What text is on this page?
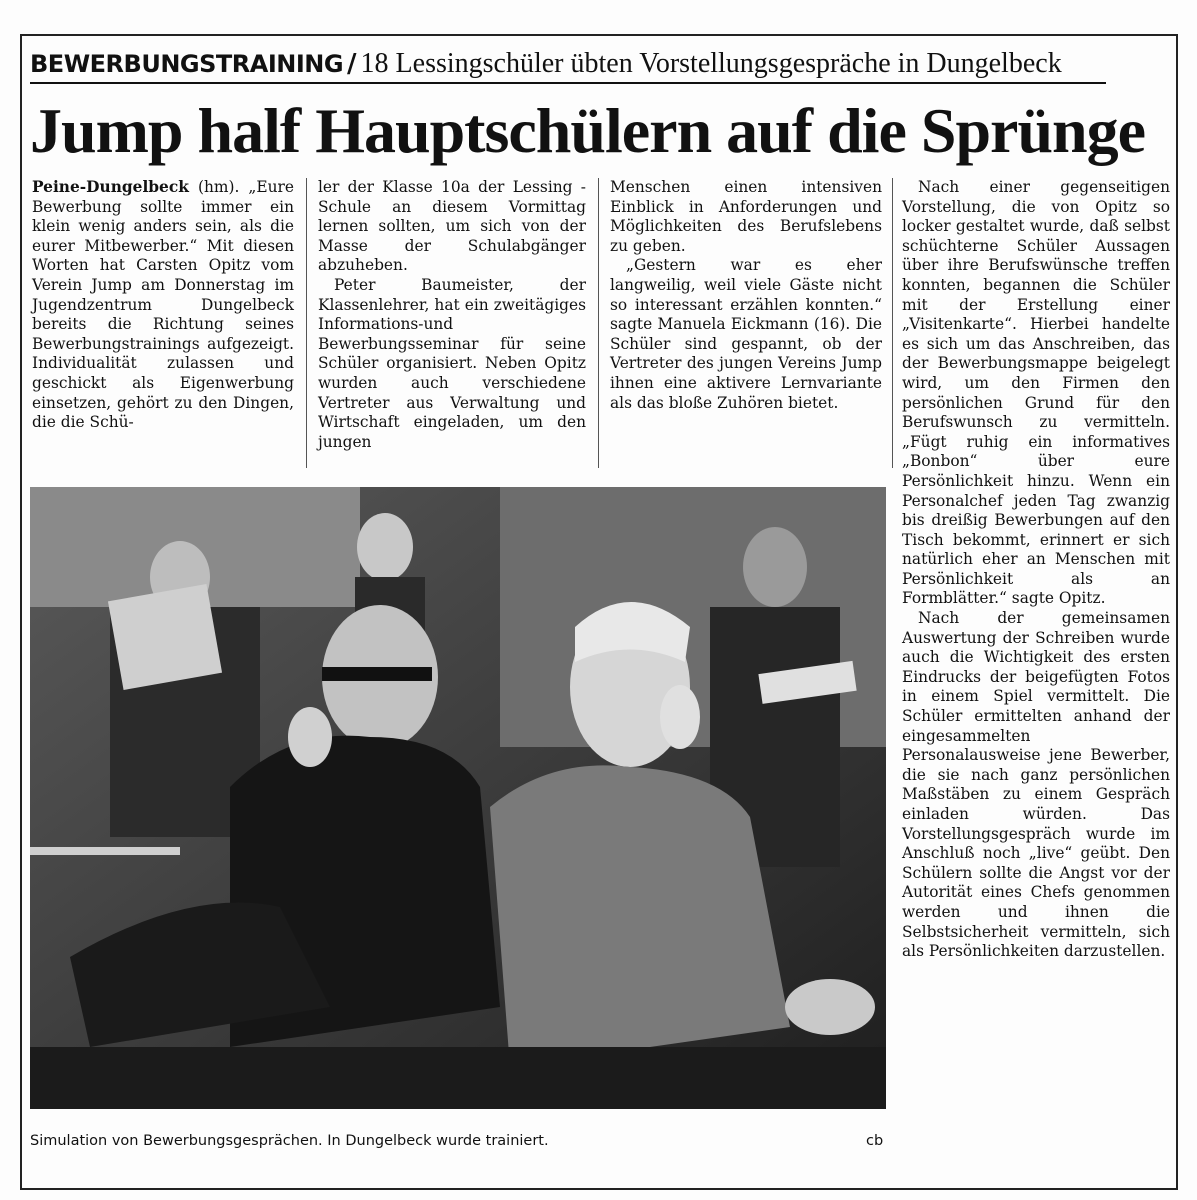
BEWERBUNGSTRAINING / 18 Lessingschüler übten Vorstellungsgespräche in Dungelbeck
Jump half Hauptschülern auf die Sprünge

Peine-Dungelbeck (hm). „Eure Bewerbung sollte immer ein klein wenig anders sein, als die eurer Mitbewerber.“ Mit diesen Worten hat Carsten Opitz vom Verein Jump am Donnerstag im Jugendzentrum Dungelbeck bereits die Richtung seines Bewerbungstrainings aufgezeigt. Individualität zulassen und geschickt als Eigenwerbung einsetzen, gehört zu den Dingen, die die Schü-

ler der Klasse 10a der Lessing -Schule an diesem Vormittag lernen sollten, um sich von der Masse der Schulabgänger abzuheben.

Peter Baumeister, der Klassenlehrer, hat ein zweitägiges Informations-und Bewerbungsseminar für seine Schüler organisiert. Neben Opitz wurden auch verschiedene Vertreter aus Verwaltung und Wirtschaft eingeladen, um den jungen

Menschen einen intensiven Einblick in Anforderungen und Möglichkeiten des Berufslebens zu geben.

„Gestern war es eher langweilig, weil viele Gäste nicht so interessant erzählen konnten.“ sagte Manuela Eickmann (16). Die Schüler sind gespannt, ob der Vertreter des jungen Vereins Jump ihnen eine aktivere Lernvariante als das bloße Zuhören bietet.

Nach einer gegenseitigen Vorstellung, die von Opitz so locker gestaltet wurde, daß selbst schüchterne Schüler Aussagen über ihre Berufswünsche treffen konnten, begannen die Schüler mit der Erstellung einer „Visitenkarte“. Hierbei handelte es sich um das Anschreiben, das der Bewerbungsmappe beigelegt wird, um den Firmen den persönlichen Grund für den Berufswunsch zu vermitteln. „Fügt ruhig ein informatives „Bonbon“ über eure Persönlichkeit hinzu. Wenn ein Personalchef jeden Tag zwanzig bis dreißig Bewerbungen auf den Tisch bekommt, erinnert er sich natürlich eher an Menschen mit Persönlichkeit als an Formblätter.“ sagte Opitz.

Nach der gemeinsamen Auswertung der Schreiben wurde auch die Wichtigkeit des ersten Eindrucks der beigefügten Fotos in einem Spiel vermittelt. Die Schüler ermittelten anhand der eingesammelten Personalausweise jene Bewerber, die sie nach ganz persönlichen Maßstäben zu einem Gespräch einladen würden. Das Vorstellungsgespräch wurde im Anschluß noch „live“ geübt. Den Schülern sollte die Angst vor der Autorität eines Chefs genommen werden und ihnen die Selbstsicherheit vermitteln, sich als Persönlichkeiten darzustellen.

Simulation von Bewerbungsgesprächen. In Dungelbeck wurde trainiert.	cb
